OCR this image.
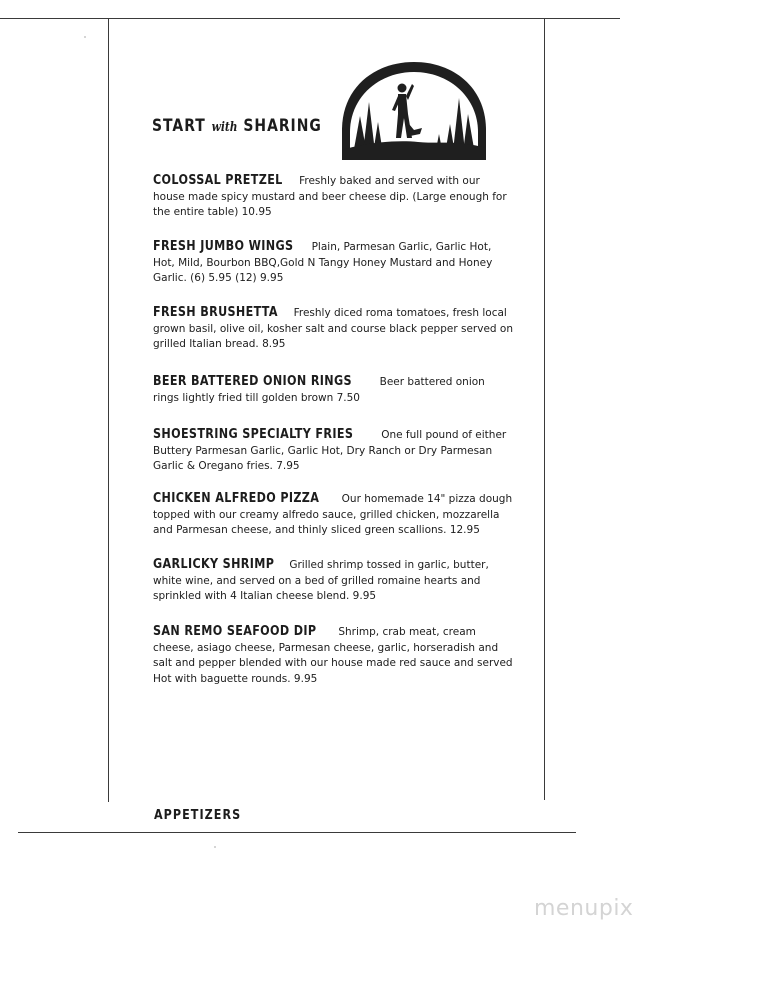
START with SHARING
COLOSSAL PRETZEL Freshly baked and served with our house made spicy mustard and beer cheese dip. (Large enough for the entire table) 10.95
FRESH JUMBO WINGS Plain, Parmesan Garlic, Garlic Hot, Hot, Mild, Bourbon BBQ,Gold N Tangy Honey Mustard and Honey Garlic. (6) 5.95 (12) 9.95
FRESH BRUSHETTA Freshly diced roma tomatoes, fresh local grown basil, olive oil, kosher salt and course black pepper served on grilled Italian bread. 8.95
BEER BATTERED ONION RINGS	Beer battered onion rings lightly fried till golden brown 7.50
SHOESTRING SPECIALTY FRIES	One full pound of either Buttery Parmesan Garlic, Garlic Hot, Dry Ranch or Dry Parmesan Garlic & Oregano fries. 7.95
CHICKEN ALFREDO PIZZA Our homemade 14" pizza dough topped with our creamy alfredo sauce, grilled chicken, mozzarella and Parmesan cheese, and thinly sliced green scallions. 12.95
GARLICKY SHRIMP Grilled shrimp tossed in garlic, butter, white wine, and served on a bed of grilled romaine hearts and sprinkled with 4 Italian cheese blend. 9.95
SAN REMO SEAFOOD DIP Shrimp, crab meat, cream cheese, asiago cheese, Parmesan cheese, garlic, horseradish and salt and pepper blended with our house made red sauce and served Hot with baguette rounds. 9.95
APPETIZERS
menupix
